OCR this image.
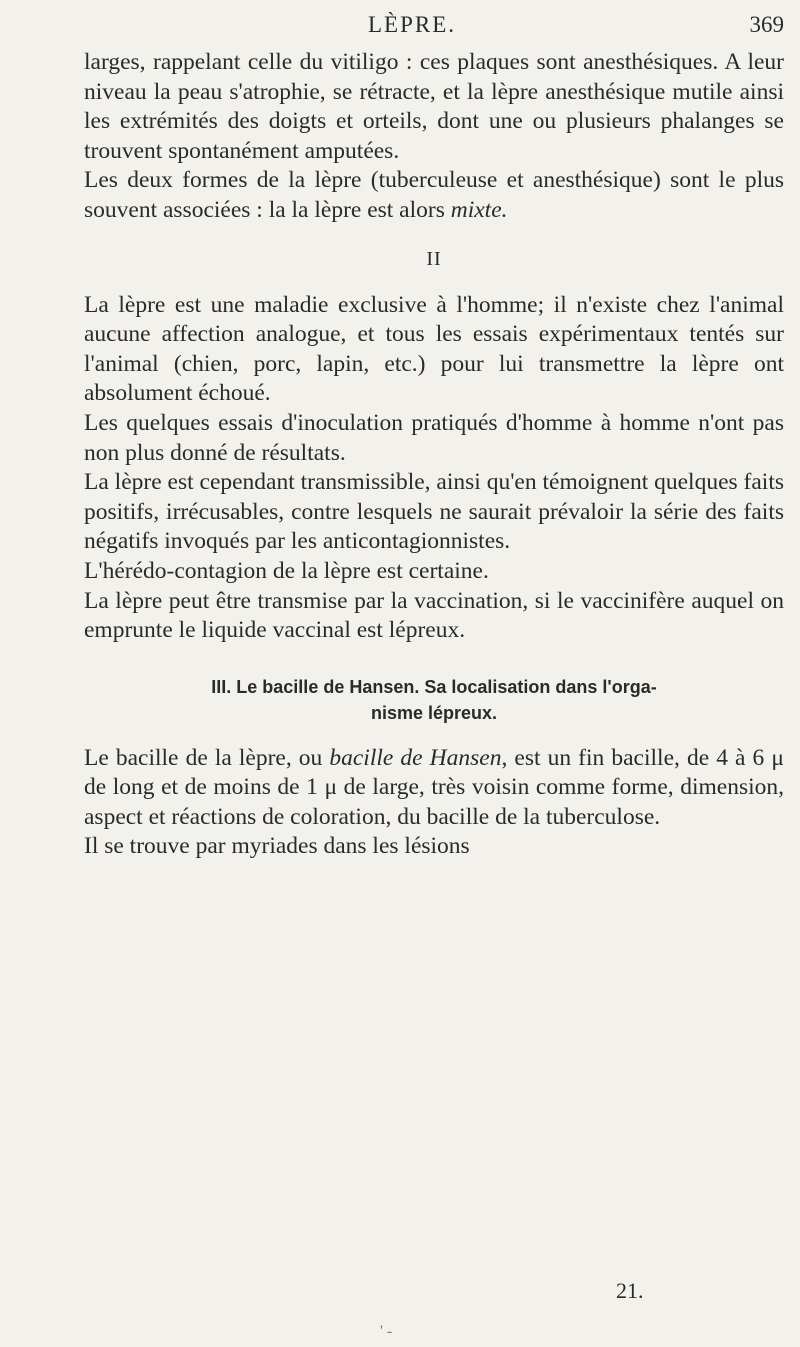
LÈPRE.	369

larges, rappelant celle du vitiligo : ces plaques sont anesthésiques. A leur niveau la peau s'atrophie, se rétracte, et la lèpre anesthésique mutile ainsi les extrémités des doigts et orteils, dont une ou plusieurs phalanges se trouvent spontanément amputées.

Les deux formes de la lèpre (tuberculeuse et anesthésique) sont le plus souvent associées : la la lèpre est alors mixte.

II

La lèpre est une maladie exclusive à l'homme; il n'existe chez l'animal aucune affection analogue, et tous les essais expérimentaux tentés sur l'animal (chien, porc, lapin, etc.) pour lui transmettre la lèpre ont absolument échoué.

Les quelques essais d'inoculation pratiqués d'homme à homme n'ont pas non plus donné de résultats.

La lèpre est cependant transmissible, ainsi qu'en témoignent quelques faits positifs, irrécusables, contre lesquels ne saurait prévaloir la série des faits négatifs invoqués par les anticontagionnistes.

L'hérédo-contagion de la lèpre est certaine.

La lèpre peut être transmise par la vaccination, si le vaccinifère auquel on emprunte le liquide vaccinal est lépreux.

III. Le bacille de Hansen. Sa localisation dans l'orga-
nisme lépreux.

Le bacille de la lèpre, ou bacille de Hansen, est un fin bacille, de 4 à 6 μ de long et de moins de 1 μ de large, très voisin comme forme, dimension, aspect et réactions de coloration, du bacille de la tuberculose.

Il se trouve par myriades dans les lésions

21.
' -
